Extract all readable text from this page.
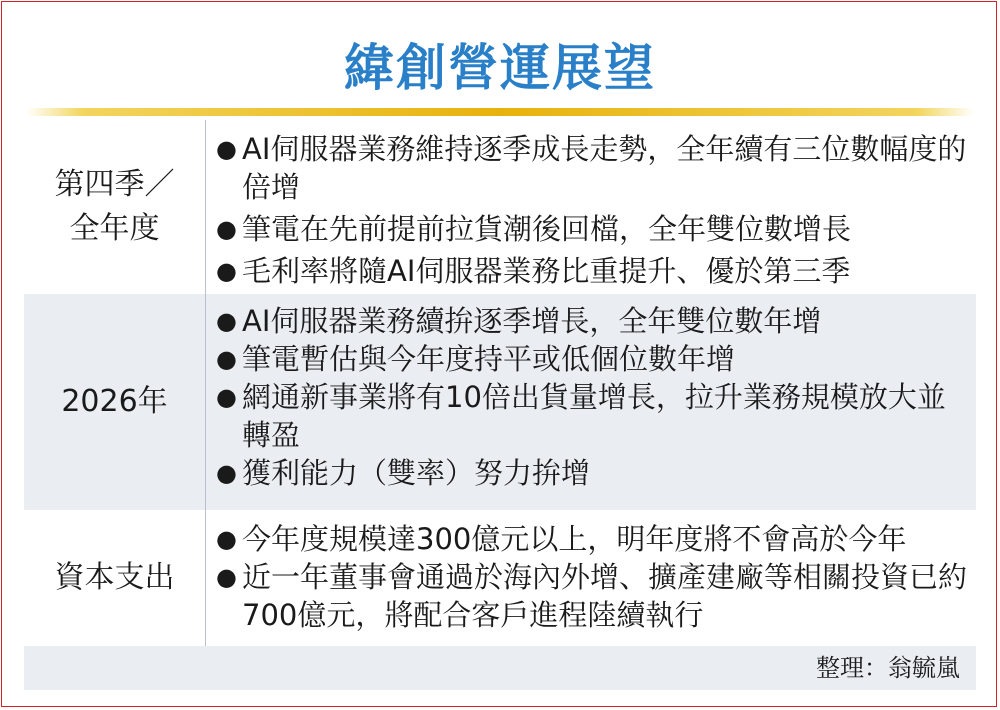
緯創營運展望
第四季／
全年度
● AI伺服器業務維持逐季成長走勢，全年續有三位數幅度的倍增
● 筆電在先前提前拉貨潮後回檔，全年雙位數增長
● 毛利率將隨AI伺服器業務比重提升、優於第三季
2026年
● AI伺服器業務續拚逐季增長，全年雙位數年增
● 筆電暫估與今年度持平或低個位數年增
● 網通新事業將有10倍出貨量增長，拉升業務規模放大並轉盈
● 獲利能力（雙率）努力拚增
資本支出
● 今年度規模達300億元以上，明年度將不會高於今年
● 近一年董事會通過於海內外增、擴產建廠等相關投資已約700億元，將配合客戶進程陸續執行
整理：翁毓嵐
